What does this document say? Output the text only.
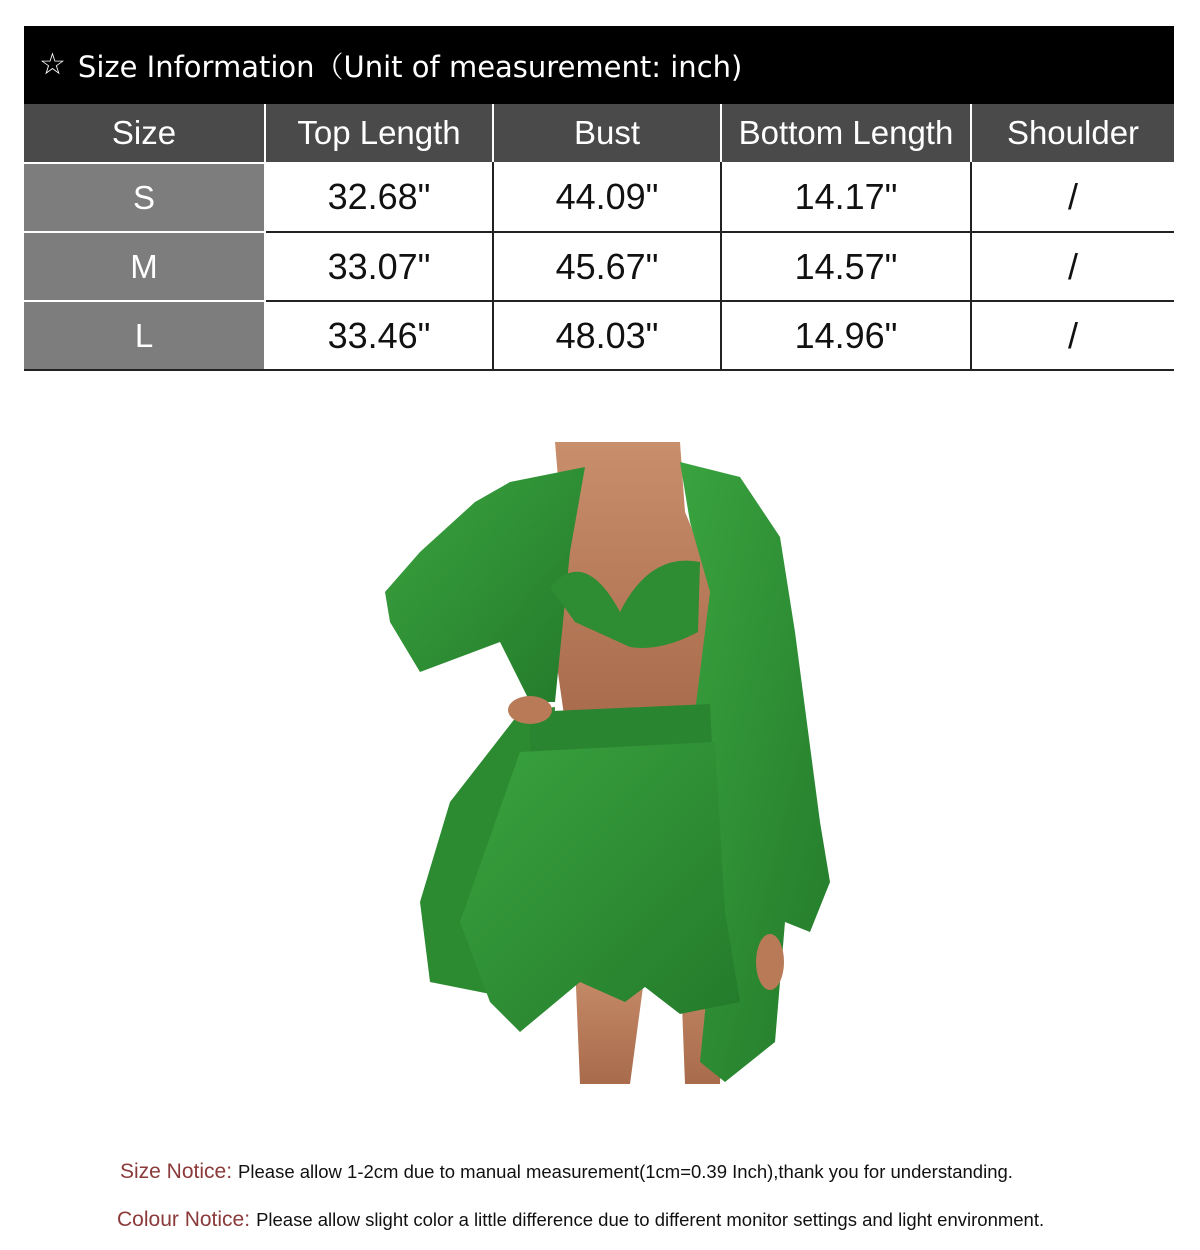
☆ Size Information（Unit of measurement: inch)
Size	Top Length	Bust	Bottom Length	Shoulder
S	32.68"	44.09"	14.17"	/
M	33.07"	45.67"	14.57"	/
L	33.46"	48.03"	14.96"	/
Size Notice: Please allow 1-2cm due to manual measurement(1cm=0.39 Inch),thank you for understanding.
Colour Notice: Please allow slight color a little difference due to different monitor settings and light environment.
